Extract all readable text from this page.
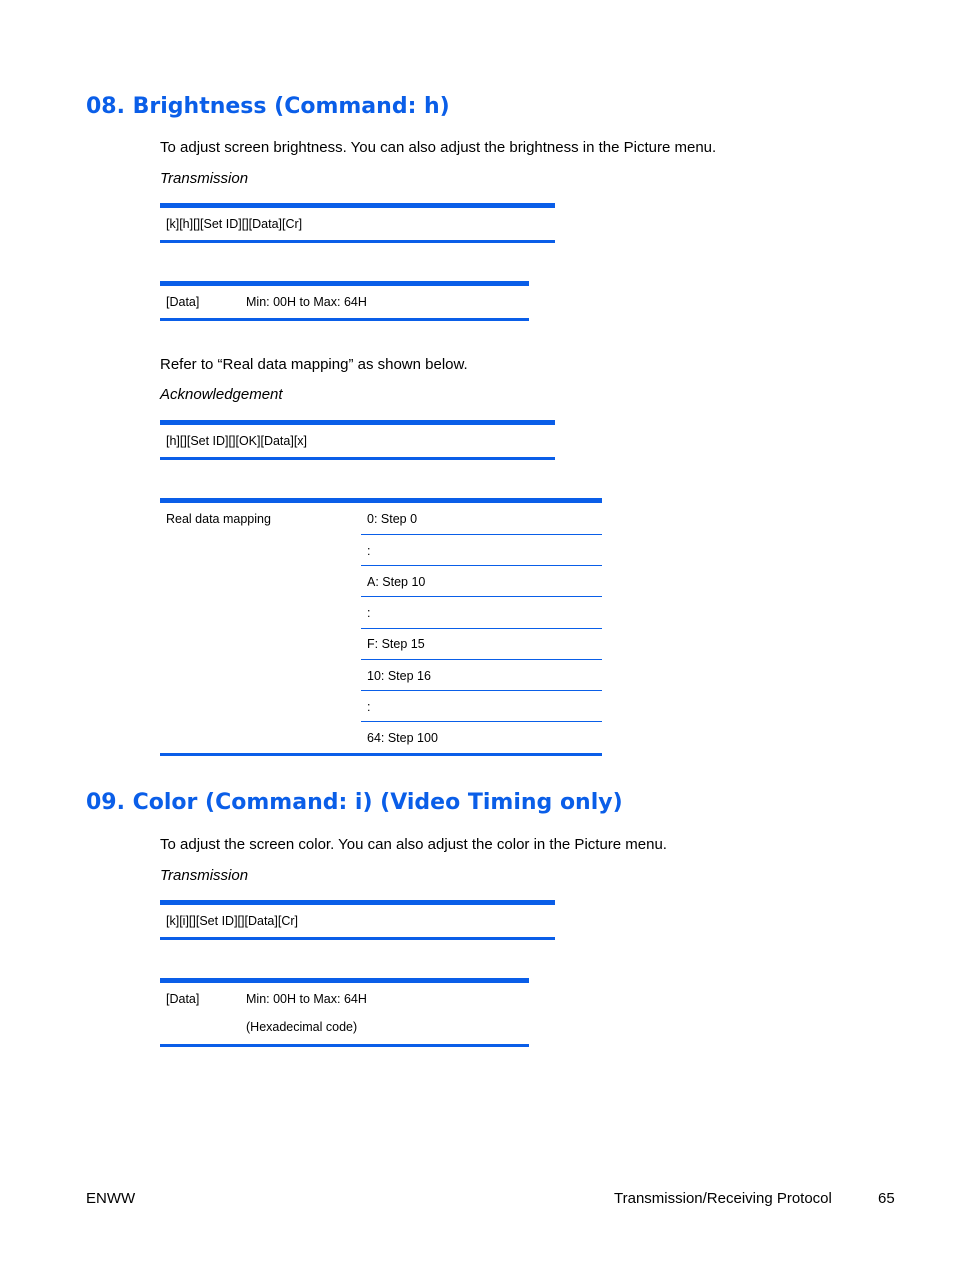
08. Brightness (Command: h)
To adjust screen brightness. You can also adjust the brightness in the Picture menu.
Transmission
[k][h][][Set ID][][Data][Cr]
[Data]	Min: 00H to Max: 64H
Refer to “Real data mapping” as shown below.
Acknowledgement
[h][][Set ID][][OK][Data][x]
Real data mapping	0: Step 0
:
A: Step 10
:
F: Step 15
10: Step 16
:
64: Step 100
09. Color (Command: i) (Video Timing only)
To adjust the screen color. You can also adjust the color in the Picture menu.
Transmission
[k][i][][Set ID][][Data][Cr]
[Data]	Min: 00H to Max: 64H
(Hexadecimal code)
ENWW	Transmission/Receiving Protocol	65
